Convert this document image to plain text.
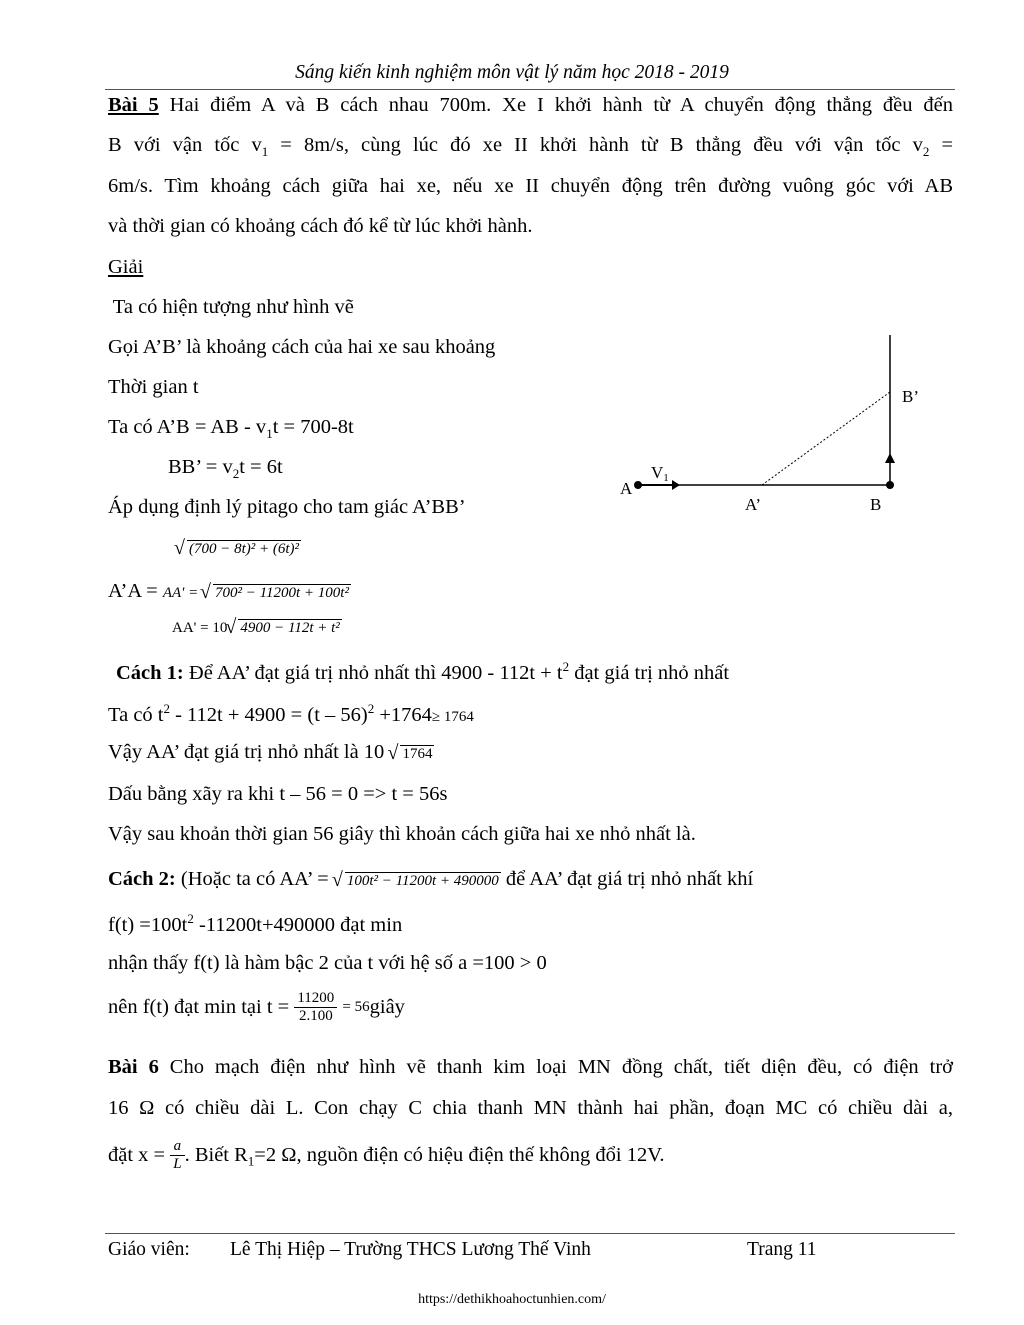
Sáng kiến kinh nghiệm môn vật lý năm học 2018 - 2019
Bài 5 Hai điểm A và B cách nhau 700m. Xe I khởi hành từ A chuyển động thẳng đều đến
B với vận tốc $v_1 = 8m/s$, cùng lúc đó xe II khởi hành từ B thẳng đều với vận tốc $v_2$ =
6m/s. Tìm khoảng cách giữa hai xe, nếu xe II chuyển động trên đường vuông góc với AB
và thời gian có khoảng cách đó kể từ lúc khởi hành.
Giải
Ta có hiện tượng như hình vẽ
Gọi A’B’ là khoảng cách của hai xe sau khoảng
Thời gian t
Ta có A’B = AB - $v_1t = 700-8t$
BB’ = $v_2t = 6t$
Áp dụng định lý pitago cho tam giác A’BB’
√ (700 − 8t)² + (6t)²
A’A = AA' = √ 700² − 11200t + 100t²
AA' = 10 √ 4900 − 112t + t²
Cách 1: Để AA’ đạt giá trị nhỏ nhất thì $4900 - 112t + t^2$ đạt giá trị nhỏ nhất
Ta có $t^2 - 112t + 4900 = (t - 56)^2 +1764\ge 1764$
Vậy AA’ đạt giá trị nhỏ nhất là 10 √ 1764
Dấu bằng xãy ra khi t – 56 = 0 => t = 56s
Vậy sau khoản thời gian 56 giây thì khoản cách giữa hai xe nhỏ nhất là.
Cách 2: (Hoặc ta có AA’ = √ 100t² − 11200t + 490000 để AA’ đạt giá trị nhỏ nhất khí
$f(t) =100t^2$ -11200t+490000 đạt min
nhận thấy f(t) là hàm bậc 2 của t với hệ số a =100 > 0
nên f(t) đạt min tại $t = \frac{11200}{2.100}$ = 56giây
Bài 6 Cho mạch điện như hình vẽ thanh kim loại MN đồng chất, tiết diện đều, có điện trở
16 Ω có chiều dài L. Con chạy C chia thanh MN thành hai phần, đoạn MC có chiều dài a,
đặt $x = \frac{a}{L}$ . Biết $R_1=2$ Ω, nguồn điện có hiệu điện thế không đổi 12V.
A
V1
A’	B
B’
Giáo viên: Lê Thị Hiệp – Trường THCS Lương Thế Vinh	Trang 11
https://dethikhoahoctunhien.com/
